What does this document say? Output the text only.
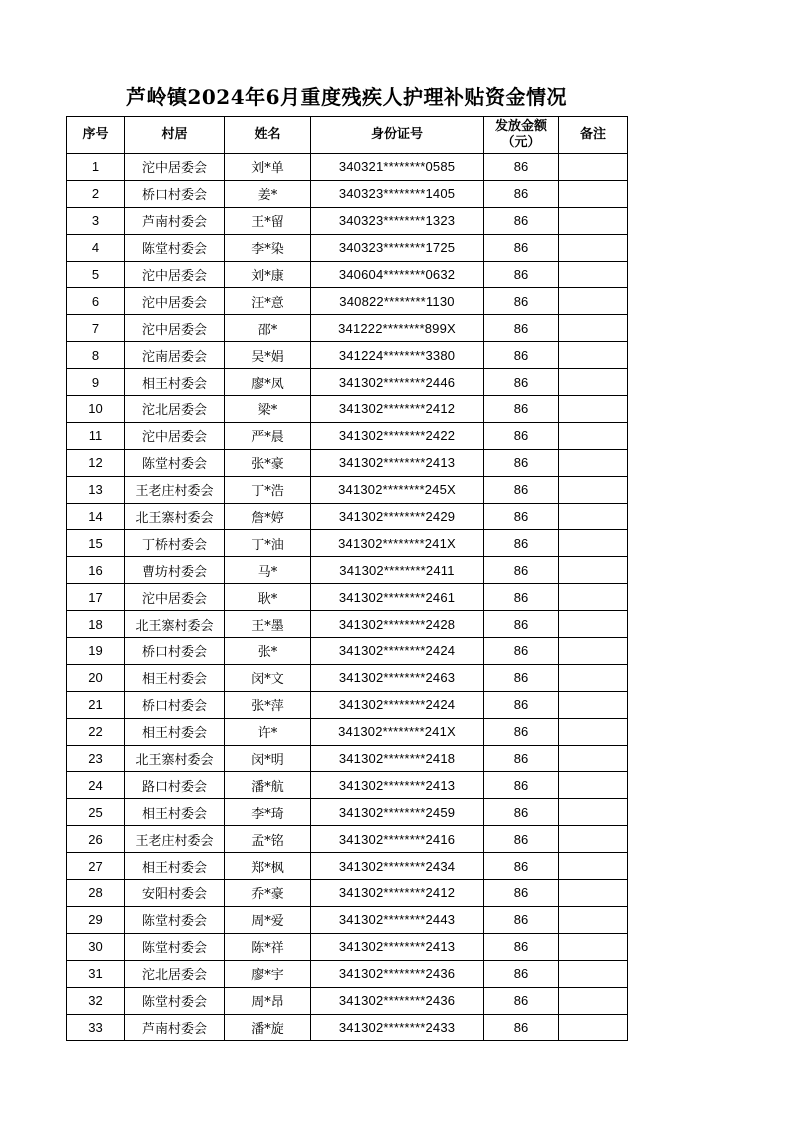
芦岭镇2024年6月重度残疾人护理补贴资金情况
序号	村居	姓名	身份证号	发放金额（元）	备注
1	沱中居委会	刘*单	340321********0585	86	
2	桥口村委会	姜*	340323********1405	86	
3	芦南村委会	王*留	340323********1323	86	
4	陈堂村委会	李*染	340323********1725	86	
5	沱中居委会	刘*康	340604********0632	86	
6	沱中居委会	汪*意	340822********1130	86	
7	沱中居委会	邵*	341222********899X	86	
8	沱南居委会	吴*娟	341224********3380	86	
9	相王村委会	廖*凤	341302********2446	86	
10	沱北居委会	梁*	341302********2412	86	
11	沱中居委会	严*晨	341302********2422	86	
12	陈堂村委会	张*豪	341302********2413	86	
13	王老庄村委会	丁*浩	341302********245X	86	
14	北王寨村委会	詹*婷	341302********2429	86	
15	丁桥村委会	丁*油	341302********241X	86	
16	曹坊村委会	马*	341302********2411	86	
17	沱中居委会	耿*	341302********2461	86	
18	北王寨村委会	王*墨	341302********2428	86	
19	桥口村委会	张*	341302********2424	86	
20	相王村委会	闵*文	341302********2463	86	
21	桥口村委会	张*萍	341302********2424	86	
22	相王村委会	许*	341302********241X	86	
23	北王寨村委会	闵*明	341302********2418	86	
24	路口村委会	潘*航	341302********2413	86	
25	相王村委会	李*琦	341302********2459	86	
26	王老庄村委会	孟*铭	341302********2416	86	
27	相王村委会	郑*枫	341302********2434	86	
28	安阳村委会	乔*豪	341302********2412	86	
29	陈堂村委会	周*爱	341302********2443	86	
30	陈堂村委会	陈*祥	341302********2413	86	
31	沱北居委会	廖*宇	341302********2436	86	
32	陈堂村委会	周*昂	341302********2436	86	
33	芦南村委会	潘*旋	341302********2433	86	
